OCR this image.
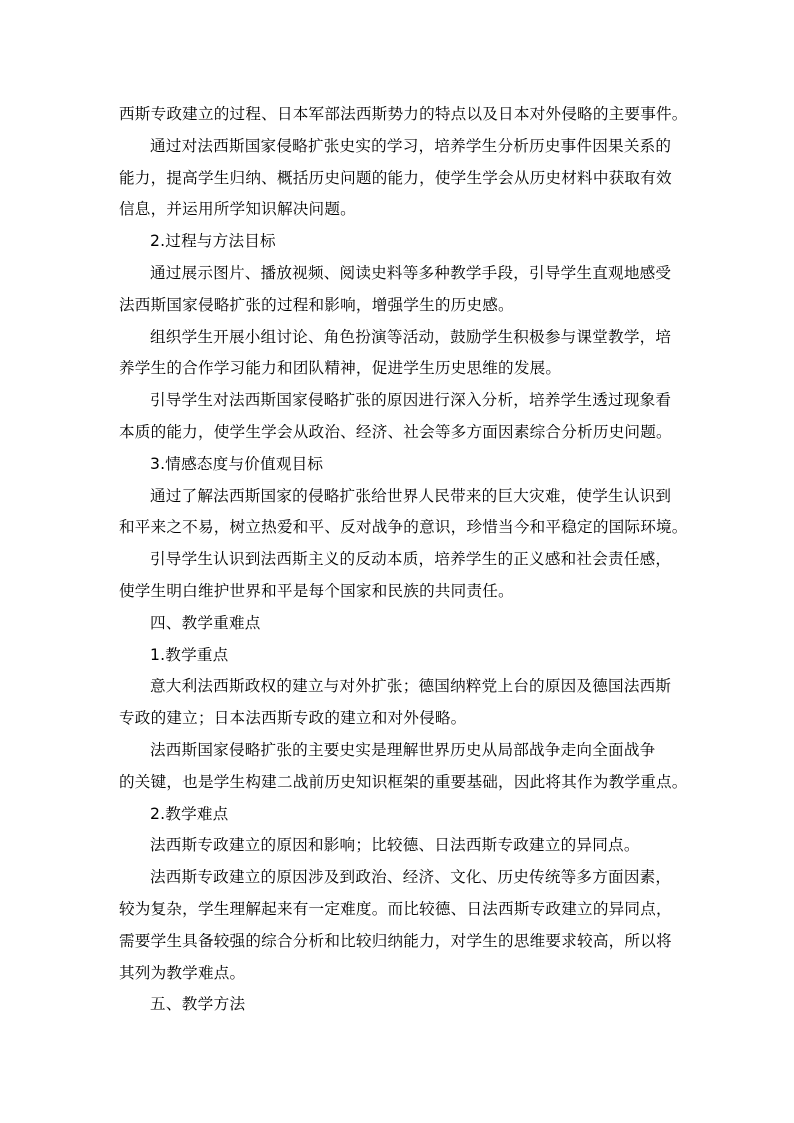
西斯专政建立的过程、日本军部法西斯势力的特点以及日本对外侵略的主要事件。
通过对法西斯国家侵略扩张史实的学习，培养学生分析历史事件因果关系的
能力，提高学生归纳、概括历史问题的能力，使学生学会从历史材料中获取有效
信息，并运用所学知识解决问题。
2.过程与方法目标
通过展示图片、播放视频、阅读史料等多种教学手段，引导学生直观地感受
法西斯国家侵略扩张的过程和影响，增强学生的历史感。
组织学生开展小组讨论、角色扮演等活动，鼓励学生积极参与课堂教学，培
养学生的合作学习能力和团队精神，促进学生历史思维的发展。
引导学生对法西斯国家侵略扩张的原因进行深入分析，培养学生透过现象看
本质的能力，使学生学会从政治、经济、社会等多方面因素综合分析历史问题。
3.情感态度与价值观目标
通过了解法西斯国家的侵略扩张给世界人民带来的巨大灾难，使学生认识到
和平来之不易，树立热爱和平、反对战争的意识，珍惜当今和平稳定的国际环境。
引导学生认识到法西斯主义的反动本质，培养学生的正义感和社会责任感，
使学生明白维护世界和平是每个国家和民族的共同责任。
四、教学重难点
1.教学重点
意大利法西斯政权的建立与对外扩张；德国纳粹党上台的原因及德国法西斯
专政的建立；日本法西斯专政的建立和对外侵略。
法西斯国家侵略扩张的主要史实是理解世界历史从局部战争走向全面战争
的关键，也是学生构建二战前历史知识框架的重要基础，因此将其作为教学重点。
2.教学难点
法西斯专政建立的原因和影响；比较德、日法西斯专政建立的异同点。
法西斯专政建立的原因涉及到政治、经济、文化、历史传统等多方面因素，
较为复杂，学生理解起来有一定难度。而比较德、日法西斯专政建立的异同点，
需要学生具备较强的综合分析和比较归纳能力，对学生的思维要求较高，所以将
其列为教学难点。
五、教学方法
